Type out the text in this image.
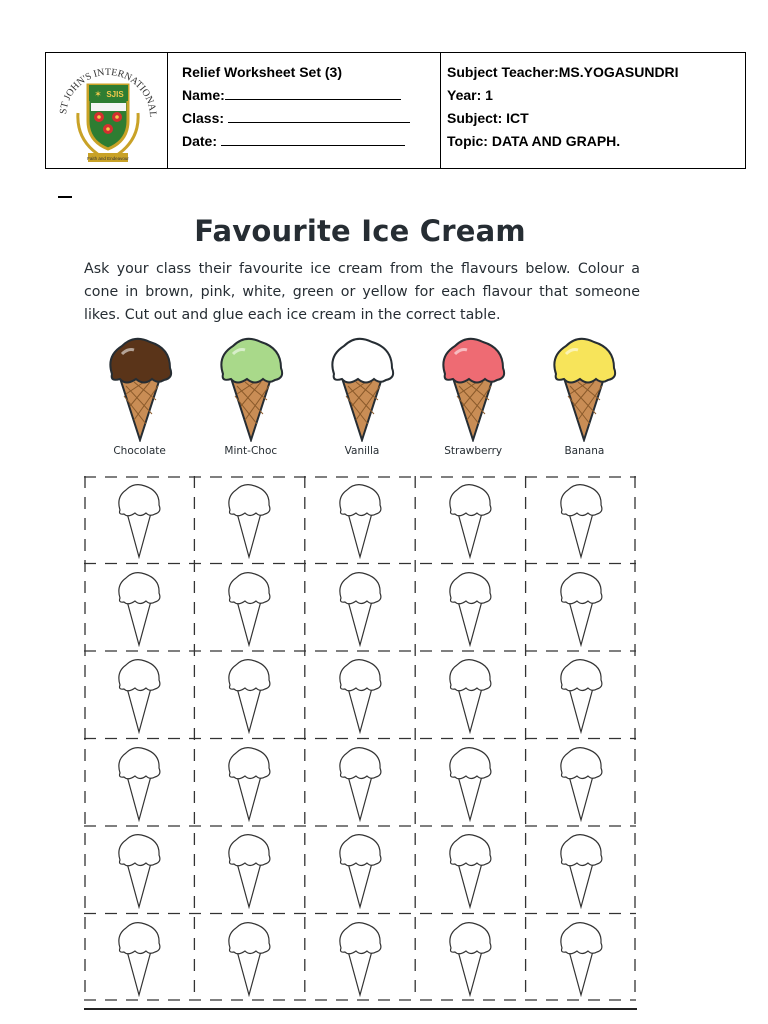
ST JOHN'S INTERNATIONAL
SJIS
✶
Faith and Endeavour
Relief Worksheet Set (3)
Name:
Class:
Date:
Subject Teacher:MS.YOGASUNDRI
Year: 1
Subject: ICT
Topic: DATA AND GRAPH.
Favourite Ice Cream
Ask your class their favourite ice cream from the flavours below. Colour a cone in brown, pink, white, green or yellow for each flavour that someone likes. Cut out and glue each ice cream in the correct table.
Chocolate	Mint-Choc	Vanilla	Strawberry	Banana
